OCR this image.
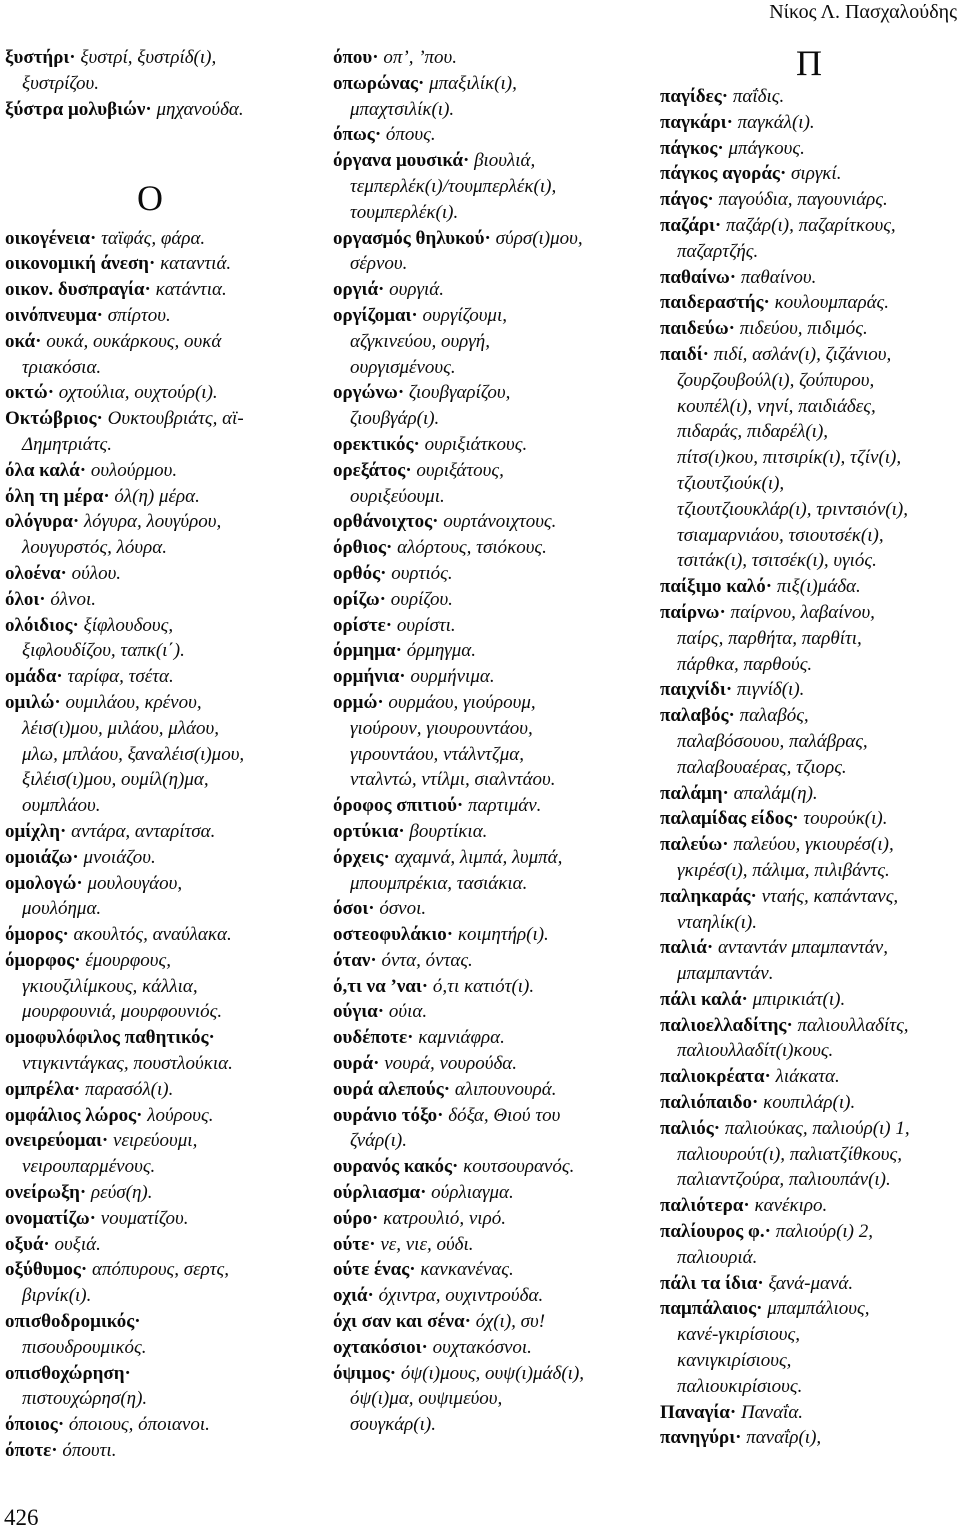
Νίκος Λ. Πασχαλούδης
ξυστήρι· ξυστρί, ξυστρίδ(ι),
ξυστρίζου.
ξύστρα μολυβιών· μηχανούδα.
Ο
οικογένεια· ταϊφάς, φάρα.
οικονομική άνεση· καταντιά.
οικον. δυσπραγία· κατάντια.
οινόπνευμα· σπίρτου.
οκά· ουκά, ουκάρκους, ουκά
τριακόσια.
οκτώ· οχτούλια, ουχτούρ(ι).
Οκτώβριος· Ουκτουβριάτς, αϊ-
Δημητριάτς.
όλα καλά· ουλούρμου.
όλη τη μέρα· όλ(η) μέρα.
ολόγυρα· λόγυρα, λουγύρου,
λουγυρστός, λόυρα.
ολοένα· ούλου.
όλοι· όλνοι.
ολόιδιος· ξίφλουδους,
ξιφλουδίζου, ταπκ(ι΄).
ομάδα· ταρίφα, τσέτα.
ομιλώ· ουμιλάου, κρένου,
λέισ(ι)μου, μιλάου, μλάου,
μλω, μπλάου, ξαναλέισ(ι)μου,
ξιλέισ(ι)μου, ουμίλ(η)μα,
ουμπλάου.
ομίχλη· αντάρα, ανταρίτσα.
ομοιάζω· μνοιάζου.
ομολογώ· μουλουγάου,
μουλόημα.
όμορος· ακουλτός, αναύλακα.
όμορφος· έμουρφους,
γκιουζιλίμκους, κάλλια,
μουρφουνιά, μουρφουνιός.
ομοφυλόφιλος παθητικός·
ντιγκιντάγκας, πουστλούκια.
ομπρέλα· παρασόλ(ι).
ομφάλιος λώρος· λούρους.
ονειρεύομαι· νειρεύουμι,
νειρουπαρμένους.
ονείρωξη· ρεύσ(η).
ονοματίζω· νουματίζου.
οξυά· ουξιά.
οξύθυμος· απόπυρους, σερτς,
βιρνίκ(ι).
οπισθοδρομικός·
πισουδρουμικός.
οπισθοχώρηση·
πιστουχώρησ(η).
όποιος· όποιους, όποιανοι.
όποτε· όπουτι.
όπου· οπ’, ’που.
οπωρώνας· μπαξιλίκ(ι),
μπαχτσιλίκ(ι).
όπως· όπους.
όργανα μουσικά· βιουλιά,
τεμπερλέκ(ι)/τουμπερλέκ(ι),
τουμπερλέκ(ι).
οργασμός θηλυκού· σύρσ(ι)μου,
σέρνου.
οργιά· ουργιά.
οργίζομαι· ουργίζουμι,
αζγκινεύου, ουργή,
ουργισμένους.
οργώνω· ζιουβγαρίζου,
ζιουβγάρ(ι).
ορεκτικός· ουριξιάτκους.
ορεξάτος· ουριξάτους,
ουριξεύουμι.
ορθάνοιχτος· ουρτάνοιχτους.
όρθιος· αλόρτους, τσιόκους.
ορθός· ουρτιός.
ορίζω· ουρίζου.
ορίστε· ουρίστι.
όρμημα· όρμηγμα.
ορμήνια· ουρμήνιμα.
ορμώ· ουρμάου, γιούρουμ,
γιούρουν, γιουρουντάου,
γιρουντάου, ντάλντζμα,
νταλντώ, ντίλμι, σιαλντάου.
όροφος σπιτιού· παρτιμάν.
ορτύκια· βουρτίκια.
όρχεις· αχαμνά, λιμπά, λυμπά,
μπουμπρέκια, τασιάκια.
όσοι· όσνοι.
οστεοφυλάκιο· κοιμητήρ(ι).
όταν· όντα, όντας.
ό,τι να ’ναι· ό,τι κατιότ(ι).
ούγια· ούια.
ουδέποτε· καμνιάφρα.
ουρά· νουρά, νουρούδα.
ουρά αλεπούς· αλιπουνουρά.
ουράνιο τόξο· δόξα, Θιού του
ζνάρ(ι).
ουρανός κακός· κουτσουρανός.
ούρλιασμα· ούρλιαγμα.
ούρο· κατρουλιό, νιρό.
ούτε· νε, νιε, ούδι.
ούτε ένας· κανκανένας.
οχιά· όχιντρα, ουχιντρούδα.
όχι σαν και σένα· όχ(ι), συ!
οχτακόσιοι· ουχτακόσνοι.
όψιμος· όψ(ι)μους, ουψ(ι)μάδ(ι),
όψ(ι)μα, ουψιμεύου,
σουγκάρ(ι).
Π
παγίδες· παΐδις.
παγκάρι· παγκάλ(ι).
πάγκος· μπάγκους.
πάγκος αγοράς· σιργκί.
πάγος· παγούδια, παγουνιάρς.
παζάρι· παζάρ(ι), παζαρίτκους,
παζαρτζής.
παθαίνω· παθαίνου.
παιδεραστής· κουλουμπαράς.
παιδεύω· πιδεύου, πιδιμός.
παιδί· πιδί, ασλάν(ι), ζιζάνιου,
ζουρζουβούλ(ι), ζούπυρου,
κουπέλ(ι), νηνί, παιδιάδες,
πιδαράς, πιδαρέλ(ι),
πίτσ(ι)κου, πιτσιρίκ(ι), τζίν(ι),
τζιουτζιούκ(ι),
τζιουτζιουκλάρ(ι), τριντσιόν(ι),
τσιαμαρνιάου, τσιουτσέκ(ι),
τσιτάκ(ι), τσιτσέκ(ι), υγιός.
παίξιμο καλό· πιξ(ι)μάδα.
παίρνω· παίρνου, λαβαίνου,
παίρς, παρθήτα, παρθίτι,
πάρθκα, παρθούς.
παιχνίδι· πιγνίδ(ι).
παλαβός· παλαβός,
παλαβόσουου, παλάβρας,
παλαβουαέρας, τζιορς.
παλάμη· απαλάμ(η).
παλαμίδας είδος· τουρούκ(ι).
παλεύω· παλεύου, γκιουρέσ(ι),
γκιρέσ(ι), πάλιμα, πιλιβάντς.
παληκαράς· νταής, καπάντανς,
νταηλίκ(ι).
παλιά· ανταντάν μπαμπαντάν,
μπαμπαντάν.
πάλι καλά· μπιρικιάτ(ι).
παλιοελλαδίτης· παλιουλλαδίτς,
παλιουλλαδίτ(ι)κους.
παλιοκρέατα· λιάκατα.
παλιόπαιδο· κουπιλάρ(ι).
παλιός· παλιούκας, παλιούρ(ι) 1,
παλιουρούτ(ι), παλιατζίθκους,
παλιαντζούρα, παλιουπάν(ι).
παλιότερα· κανέκιρο.
παλίουρος φ.· παλιούρ(ι) 2,
παλιουριά.
πάλι τα ίδια· ξανά-μανά.
παμπάλαιος· μπαμπάλιους,
κανέ-γκιρίσιους,
κανιγκιρίσιους,
παλιουκιρίσιους.
Παναγία· Παναΐα.
πανηγύρι· παναΐρ(ι),
426
